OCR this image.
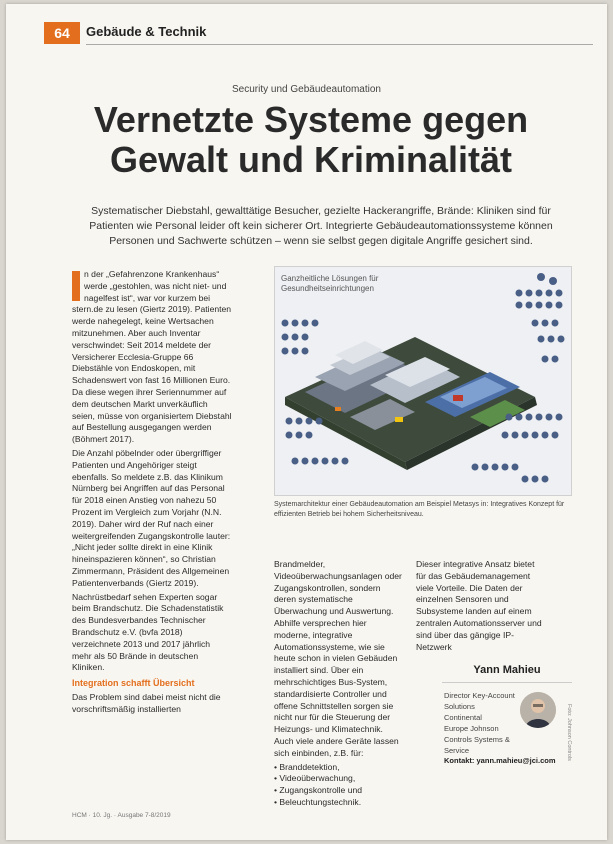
64	Gebäude & Technik
Security und Gebäudeautomation
Vernetzte Systeme gegen
Gewalt und Kriminalität
Systematischer Diebstahl, gewalttätige Besucher, gezielte Hackerangriffe, Brände: Kliniken sind für Patienten wie Personal leider oft kein sicherer Ort. Integrierte Gebäudeautomationssysteme können Personen und Sachwerte schützen – wenn sie selbst gegen digitale Angriffe gesichert sind.

n der „Gefahrenzone Krankenhaus“ werde „gestohlen, was nicht niet- und nagelfest ist“, war vor kurzem bei stern.de zu lesen (Giertz 2019). Patienten werde nahegelegt, keine Wertsachen mitzunehmen. Aber auch Inventar verschwindet: Seit 2014 meldete der Versicherer Ecclesia-Gruppe 66 Diebstähle von Endoskopen, mit Schadenswert von fast 16 Millionen Euro. Da diese wegen ihrer Seriennummer auf dem deutschen Markt unverkäuflich seien, müsse von organisiertem Diebstahl auf Bestellung ausgegangen werden (Böhmert 2017).

Die Anzahl pöbelnder oder übergriffiger Patienten und Angehöriger steigt ebenfalls. So meldete z.B. das Klinikum Nürnberg bei Angriffen auf das Personal für 2018 einen Anstieg von nahezu 50 Prozent im Vergleich zum Vorjahr (N.N. 2019). Daher wird der Ruf nach einer weitergreifenden Zugangskontrolle lauter: „Nicht jeder sollte direkt in eine Klinik hineinspazieren können“, so Christian Zimmermann, Präsident des Allgemeinen Patientenverbands (Giertz 2019).

Nachrüstbedarf sehen Experten sogar beim Brandschutz. Die Schadenstatistik des Bundesverbandes Technischer Brandschutz e.V. (bvfa 2018) verzeichnete 2013 und 2017 jährlich mehr als 50 Brände in deutschen Kliniken.

Integration schafft Übersicht

Das Problem sind dabei meist nicht die vorschriftsmäßig installierten

Ganzheitliche Lösungen für
Gesundheitseinrichtungen
Systemarchitektur einer Gebäudeautomation am Beispiel Metasys in: Integratives Konzept für effizienten Betrieb bei hohem Sicherheitsniveau.

Brandmelder, Videoüberwachungsanlagen oder Zugangskontrollen, sondern deren systematische Überwachung und Auswertung. Abhilfe versprechen hier moderne, integrative Automationssysteme, wie sie heute schon in vielen Gebäuden installiert sind. Über ein mehrschichtiges Bus-System, standardisierte Controller und offene Schnittstellen sorgen sie nicht nur für die Steuerung der Heizungs- und Klimatechnik. Auch viele andere Geräte lassen sich einbinden, z.B. für:

• Branddetektion,
• Videoüberwachung,
• Zugangskontrolle und
• Beleuchtungstechnik.

Dieser integrative Ansatz bietet für das Gebäudemanagement viele Vorteile. Die Daten der einzelnen Sensoren und Subsysteme landen auf einem zentralen Automationsserver und sind über das gängige IP-Netzwerk

Yann Mahieu
Director Key-Account Solutions
Continental
Europe Johnson
Controls Systems & Service
Kontakt: yann.mahieu@jci.com	Foto: Johnson Controls
HCM · 10. Jg. · Ausgabe 7-8/2019
